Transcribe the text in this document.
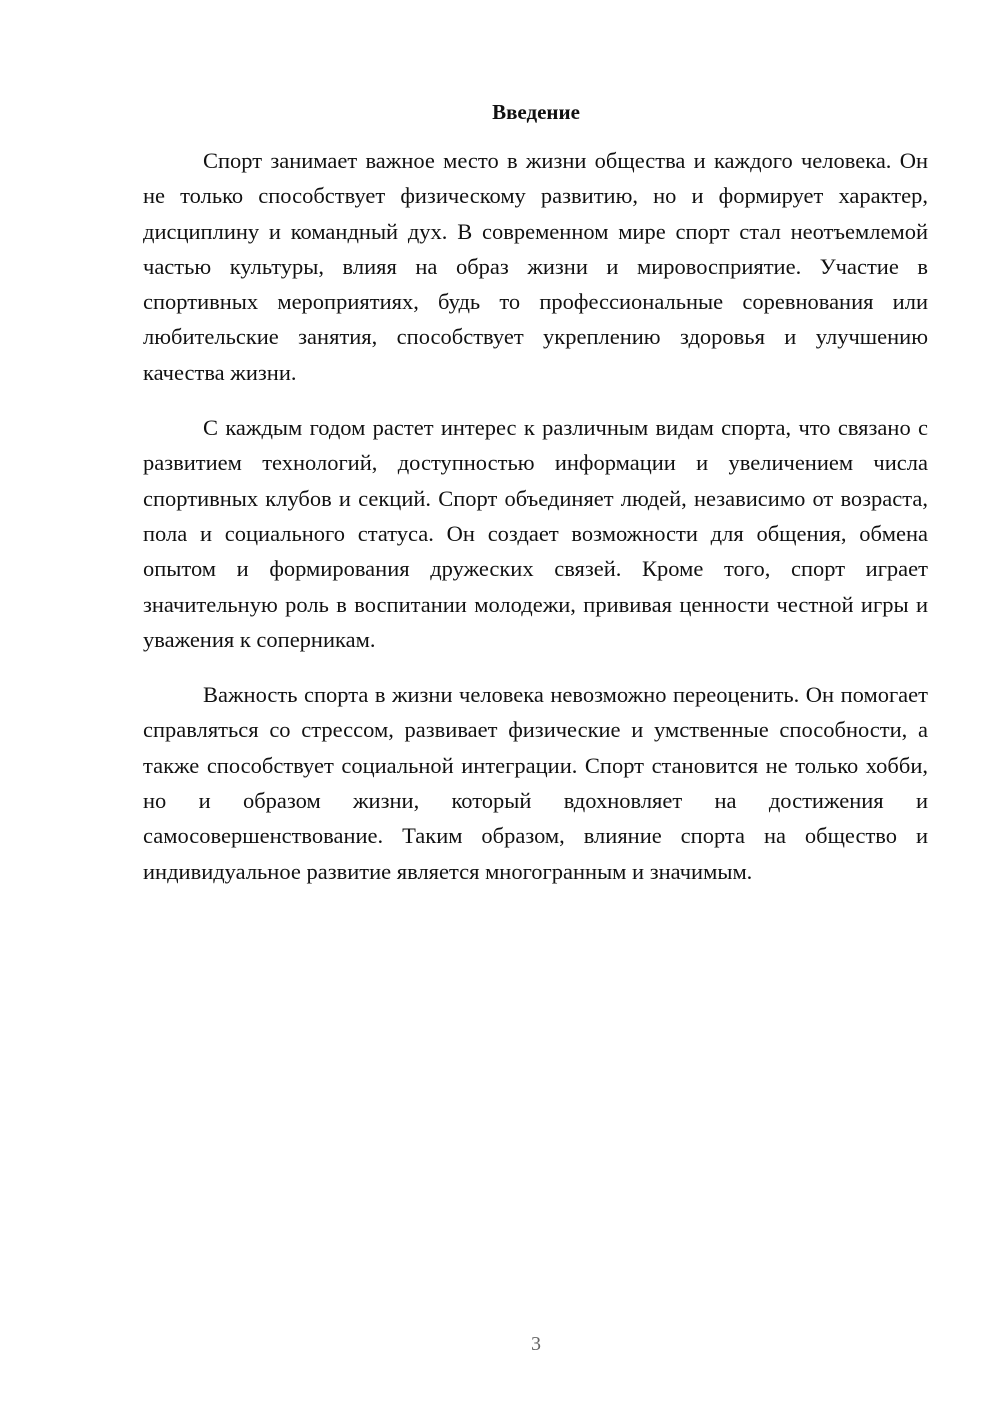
Введение

Спорт занимает важное место в жизни общества и каждого человека. Он не только способствует физическому развитию, но и формирует характер, дисциплину и командный дух. В современном мире спорт стал неотъемлемой частью культуры, влияя на образ жизни и мировосприятие. Участие в спортивных мероприятиях, будь то профессиональные соревнования или любительские занятия, способствует укреплению здоровья и улучшению качества жизни.

С каждым годом растет интерес к различным видам спорта, что связано с развитием технологий, доступностью информации и увеличением числа спортивных клубов и секций. Спорт объединяет людей, независимо от возраста, пола и социального статуса. Он создает возможности для общения, обмена опытом и формирования дружеских связей. Кроме того, спорт играет значительную роль в воспитании молодежи, прививая ценности честной игры и уважения к соперникам.

Важность спорта в жизни человека невозможно переоценить. Он помогает справляться со стрессом, развивает физические и умственные способности, а также способствует социальной интеграции. Спорт становится не только хобби, но и образом жизни, который вдохновляет на достижения и самосовершенствование. Таким образом, влияние спорта на общество и индивидуальное развитие является многогранным и значимым.

3
